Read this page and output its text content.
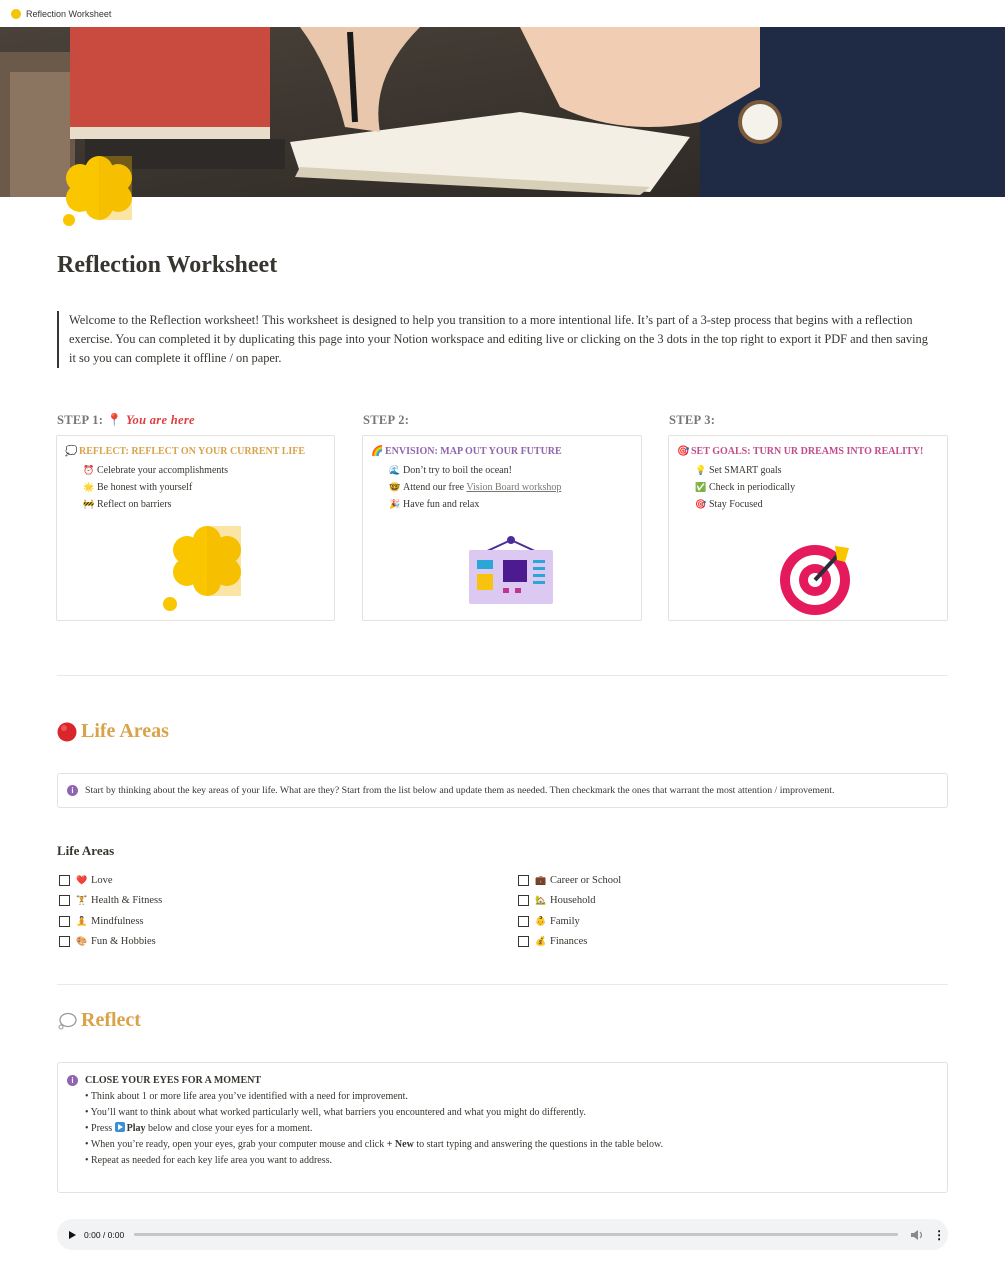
Reflection Worksheet
Reflection Worksheet
Welcome to the Reflection worksheet! This worksheet is designed to help you transition to a more intentional life. It’s part of a 3-step process that begins with a reflection exercise. You can completed it by duplicating this page into your Notion workspace and editing live or clicking on the 3 dots in the top right to export it PDF and then saving it so you can complete it offline / on paper.
STEP 1: 📍 You are here	STEP 2:	STEP 3:
💭 REFLECT: REFLECT ON YOUR CURRENT LIFE
⏰ Celebrate your accomplishments
🌟 Be honest with yourself
🚧 Reflect on barriers
🌈 ENVISION: MAP OUT YOUR FUTURE
🌊 Don’t try to boil the ocean!
🤓 Attend our free Vision Board workshop
🎉 Have fun and relax
🎯 SET GOALS: TURN UR DREAMS INTO REALITY!
💡 Set SMART goals
✅ Check in periodically
🎯 Stay Focused
Life Areas
i	Start by thinking about the key areas of your life. What are they? Start from the list below and update them as needed. Then checkmark the ones that warrant the most attention / improvement.
Life Areas
❤️ Love
🏋️ Health & Fitness
🧘 Mindfulness
🎨 Fun & Hobbies
💼 Career or School
🏡 Household
👶 Family
💰 Finances
Reflect
i	CLOSE YOUR EYES FOR A MOMENT
• Think about 1 or more life area you’ve identified with a need for improvement.
• You’ll want to think about what worked particularly well, what barriers you encountered and what you might do differently.
• Press
Play below and close your eyes for a moment.
• When you’re ready, open your eyes, grab your computer mouse and click + New to start typing and answering the questions in the table below.
• Repeat as needed for each key life area you want to address.
0:00 / 0:00	⋮
